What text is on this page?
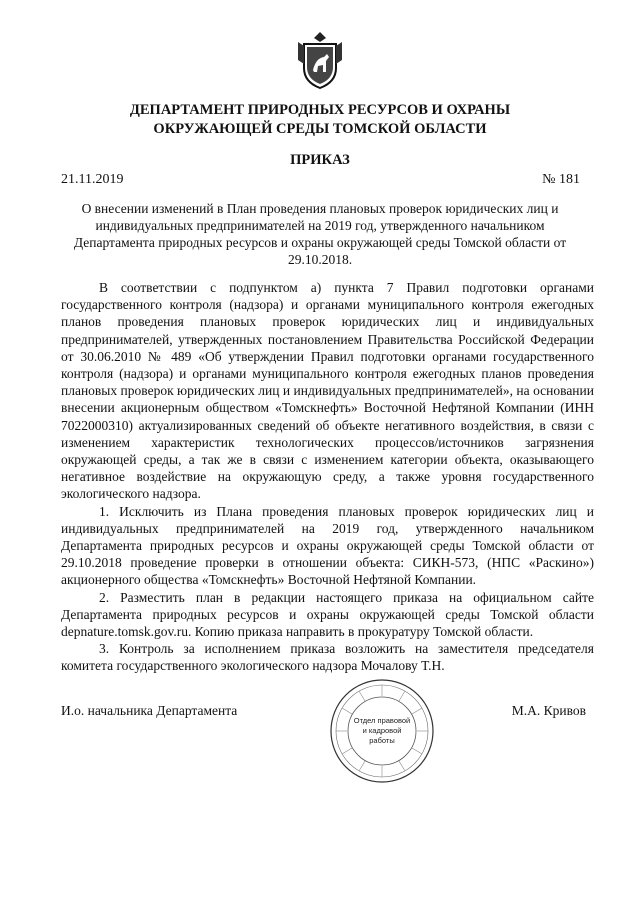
ДЕПАРТАМЕНТ ПРИРОДНЫХ РЕСУРСОВ И ОХРАНЫ
ОКРУЖАЮЩЕЙ СРЕДЫ ТОМСКОЙ ОБЛАСТИ
ПРИКАЗ
21.11.2019	№ 181
О внесении изменений в План проведения плановых проверок юридических лиц и индивидуальных предпринимателей на 2019 год, утвержденного начальником Департамента природных ресурсов и охраны окружающей среды Томской области от 29.10.2018.

В соответствии с подпунктом а) пункта 7 Правил подготовки органами государственного контроля (надзора) и органами муниципального контроля ежегодных планов проведения плановых проверок юридических лиц и индивидуальных предпринимателей, утвержденных постановлением Правительства Российской Федерации от 30.06.2010 № 489 «Об утверждении Правил подготовки органами государственного контроля (надзора) и органами муниципального контроля ежегодных планов проведения плановых проверок юридических лиц и индивидуальных предпринимателей», на основании внесении акционерным обществом «Томскнефть» Восточной Нефтяной Компании (ИНН 7022000310) актуализированных сведений об объекте негативного воздействия, в связи с изменением характеристик технологических процессов/источников загрязнения окружающей среды, а так же в связи с изменением категории объекта, оказывающего негативное воздействие на окружающую среду, а также уровня государственного экологического надзора.

1. Исключить из Плана проведения плановых проверок юридических лиц и индивидуальных предпринимателей на 2019 год, утвержденного начальником Департамента природных ресурсов и охраны окружающей среды Томской области от 29.10.2018 проведение проверки в отношении объекта: СИКН-573, (НПС «Раскино») акционерного общества «Томскнефть» Восточной Нефтяной Компании.

2. Разместить план в редакции настоящего приказа на официальном сайте Департамента природных ресурсов и охраны окружающей среды Томской области depnature.tomsk.gov.ru. Копию приказа направить в прокуратуру Томской области.

3. Контроль за исполнением приказа возложить на заместителя председателя комитета государственного экологического надзора Мочалову Т.Н.

И.о. начальника Департамента	М.А. Кривов
Отдел правовой
и кадровой
работы
